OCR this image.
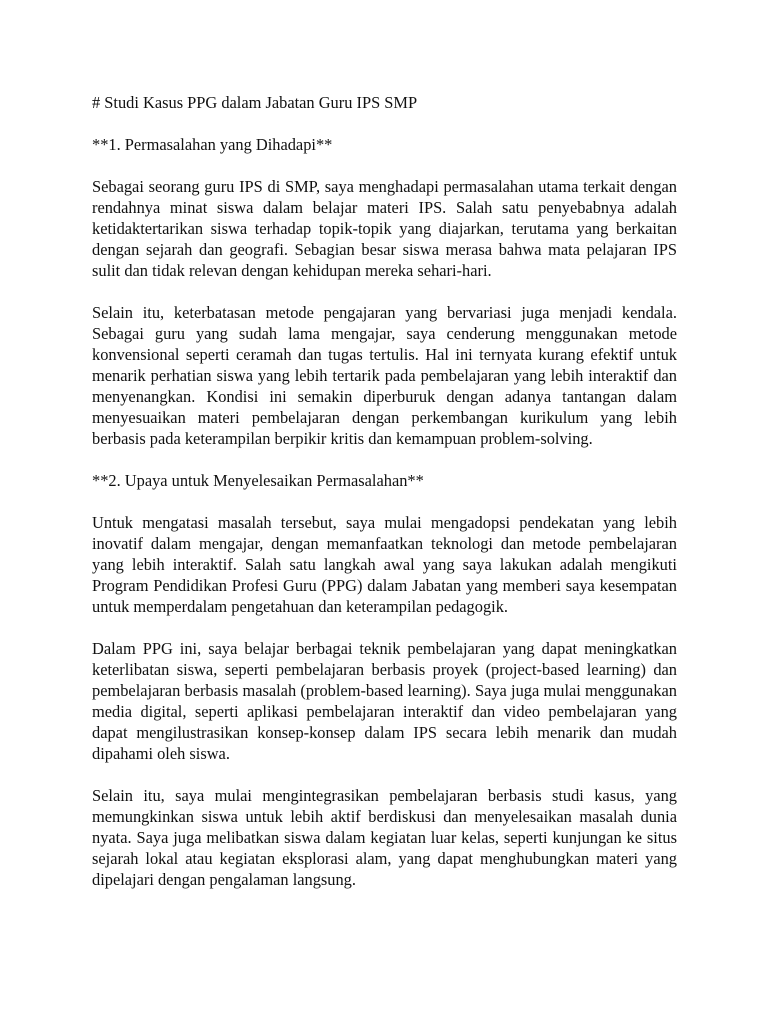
# Studi Kasus PPG dalam Jabatan Guru IPS SMP

**1. Permasalahan yang Dihadapi**

Sebagai seorang guru IPS di SMP, saya menghadapi permasalahan utama terkait dengan rendahnya minat siswa dalam belajar materi IPS. Salah satu penyebabnya adalah ketidaktertarikan siswa terhadap topik-topik yang diajarkan, terutama yang berkaitan dengan sejarah dan geografi. Sebagian besar siswa merasa bahwa mata pelajaran IPS sulit dan tidak relevan dengan kehidupan mereka sehari-hari.

Selain itu, keterbatasan metode pengajaran yang bervariasi juga menjadi kendala. Sebagai guru yang sudah lama mengajar, saya cenderung menggunakan metode konvensional seperti ceramah dan tugas tertulis. Hal ini ternyata kurang efektif untuk menarik perhatian siswa yang lebih tertarik pada pembelajaran yang lebih interaktif dan menyenangkan. Kondisi ini semakin diperburuk dengan adanya tantangan dalam menyesuaikan materi pembelajaran dengan perkembangan kurikulum yang lebih berbasis pada keterampilan berpikir kritis dan kemampuan problem-solving.

**2. Upaya untuk Menyelesaikan Permasalahan**

Untuk mengatasi masalah tersebut, saya mulai mengadopsi pendekatan yang lebih inovatif dalam mengajar, dengan memanfaatkan teknologi dan metode pembelajaran yang lebih interaktif. Salah satu langkah awal yang saya lakukan adalah mengikuti Program Pendidikan Profesi Guru (PPG) dalam Jabatan yang memberi saya kesempatan untuk memperdalam pengetahuan dan keterampilan pedagogik.

Dalam PPG ini, saya belajar berbagai teknik pembelajaran yang dapat meningkatkan keterlibatan siswa, seperti pembelajaran berbasis proyek (project-based learning) dan pembelajaran berbasis masalah (problem-based learning). Saya juga mulai menggunakan media digital, seperti aplikasi pembelajaran interaktif dan video pembelajaran yang dapat mengilustrasikan konsep-konsep dalam IPS secara lebih menarik dan mudah dipahami oleh siswa.

Selain itu, saya mulai mengintegrasikan pembelajaran berbasis studi kasus, yang memungkinkan siswa untuk lebih aktif berdiskusi dan menyelesaikan masalah dunia nyata. Saya juga melibatkan siswa dalam kegiatan luar kelas, seperti kunjungan ke situs sejarah lokal atau kegiatan eksplorasi alam, yang dapat menghubungkan materi yang dipelajari dengan pengalaman langsung.
